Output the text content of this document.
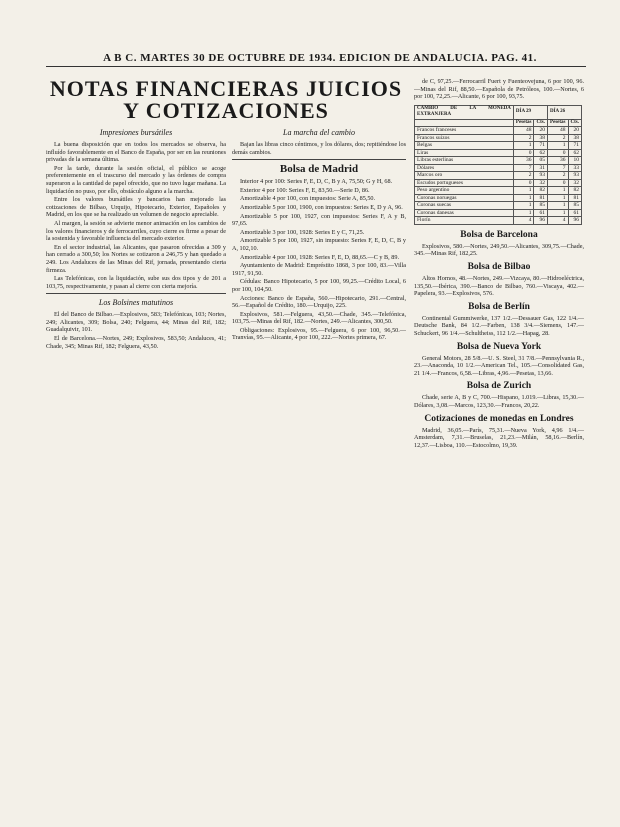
A B C. MARTES 30 DE OCTUBRE DE 1934. EDICION DE ANDALUCIA. PAG. 41.
NOTAS FINANCIERAS JUICIOS Y COTIZACIONES
Impresiones bursátiles
La buena disposición que en todos los mercados se observa, ha influído favorablemente en el Banco de España, por ser en las reuniones privadas de la semana última.
Por la tarde, durante la sesión oficial, el público se acoge preferentemente en el trascurso del mercado y las órdenes de compra superaron a la cantidad de papel ofrecido, que no tuvo lugar mañana. La liquidación no puso, por ello, obstáculo alguno a la marcha.
Entre los valores bursátiles y bancarios han mejorado las cotizaciones de Bilbao, Urquijo, Hipotecario, Exterior, Españoles y Madrid, en los que se ha realizado un volumen de negocio apreciable.
Al margen, la sesión se advierte menor animación en los cambios de los valores financieros y de ferrocarriles, cuyo cierre es firme a pesar de la sostenida y favorable influencia del mercado exterior.
En el sector industrial, las Alicantes, que pasaron ofrecidas a 309 y han cerrado a 300,50; los Nortes se cotizaron a 246,75 y han quedado a 249. Los Andaluces de las Minas del Rif, jornada, presentando cierta firmeza.
Las Telefónicas, con la liquidación, sube sus dos tipos y de 201 a 103,75, respectivamente, y pasan al cierre con cierta mejoría.
Los Bolsines matutinos
El del Banco de Bilbao.—Explosivos, 583; Telefónicas, 103; Nortes, 249; Alicantes, 309; Bolsa, 240; Felguera, 44; Minas del Rif, 182; Guadalquivir, 101.
El de Barcelona.—Nortes, 249; Explosivos, 583,50; Andaluces, 41; Chade, 345; Minas Rif, 182; Felguera, 43,50.
La marcha del cambio
Bajan las libras cinco céntimos, y los dólares, dos; repitiéndose los demás cambios.
Bolsa de Madrid
Interior 4 por 100: Series F, E, D, C, B y A, 75,50; G y H, 68.
Exterior 4 por 100: Series F, E, 83,50.—Serie D, 86.
Amortizable 4 por 100, con impuestos: Serie A, 85,50.
Amortizable 5 por 100, 1900, con impuestos: Series E, D y A, 96.
Amortizable 5 por 100, 1927, con impuestos: Series F, A y B, 97,65.
Amortizable 3 por 100, 1928: Series E y C, 71,25.
Amortizable 5 por 100, 1927, sin impuesto: Series F, E, D, C, B y A, 102,10.
Amortizable 4 por 100, 1928: Series F, E, D, 88,65.—C y B, 89.
Ayuntamiento de Madrid: Empréstito 1868, 3 por 100, 83.—Villa 1917, 91,50.
Cédulas: Banco Hipotecario, 5 por 100, 99,25.—Crédito Local, 6 por 100, 104,50.
Acciones: Banco de España, 560.—Hipotecario, 291.—Central, 56.—Español de Crédito, 180.—Urquijo, 225.
Explosivos, 581.—Felguera, 43,50.—Chade, 345.—Telefónica, 103,75.—Minas del Rif, 182.—Nortes, 249.—Alicantes, 300,50.
Obligaciones: Explosivos, 95.—Felguera, 6 por 100, 96,50.—Tranvías, 95.—Alicante, 4 por 100, 222.—Nortes primera, 67.
de C, 97,25.—Ferrocarril Fuert y Fuenteovejuna, 6 por 100, 96.—Minas del Rif, 88,50.—Española de Petróleos, 100.—Nortes, 6 por 100, 72,25.—Alicante, 6 por 100, 93,75.
CAMBIO DE LA MONEDA EXTRANJERA	DÍA 29		DÍA 26	
	Pesetas	Cts.	Pesetas	Cts.
Francos franceses	48	20	48	20
Francos suizos	2	38	2	38
Belgas	1	71	1	71
Liras	0	62	0	62
Libras esterlinas	36	05	36	10
Dólares	7	31	7	33
Marcos oro	2	93	2	93
Escudos portugueses	0	32	0	32
Peso argentino	1	82	1	82
Coronas noruegas	1	81	1	81
Coronas suecas	1	85	1	85
Coronas danesas	1	61	1	61
Florín	4	96	4	96
Bolsa de Barcelona
Explosivos, 580.—Nortes, 249,50.—Alicantes, 309,75.—Chade, 345.—Minas Rif, 182,25.
Bolsa de Bilbao
Altos Hornos, 48.—Nortes, 249.—Vizcaya, 80.—Hidroeléctrica, 135,50.—Ibérica, 390.—Banco de Bilbao, 760.—Viscaya, 402.—Papelera, 93.—Explosivos, 576.
Bolsa de Berlín
Continental Gummiwerke, 137 1/2.—Dessauer Gas, 122 1/4.—Deutsche Bank, 84 1/2.—Farben, 138 3/4.—Siemens, 147.—Schuckert, 96 1/4.—Schultheiss, 112 1/2.—Hapag, 28.
Bolsa de Nueva York
General Motors, 28 5/8.—U. S. Steel, 31 7/8.—Pennsylvania R., 23.—Anaconda, 10 1/2.—American Tel., 105.—Consolidated Gas, 21 1/4.—Francos, 6,58.—Libras, 4,96.—Pesetas, 13,66.
Bolsa de Zurich
Chade, serie A, B y C, 700.—Hispano, 1.019.—Libras, 15,30.—Dólares, 3,08.—Marcos, 123,30.—Francos, 20,22.
Cotizaciones de monedas en Londres
Madrid, 36,05.—París, 75,31.—Nueva York, 4,96 1/4.—Amsterdam, 7,31.—Bruselas, 21,23.—Milán, 58,16.—Berlín, 12,37.—Lisboa, 110.—Estocolmo, 19,39.
